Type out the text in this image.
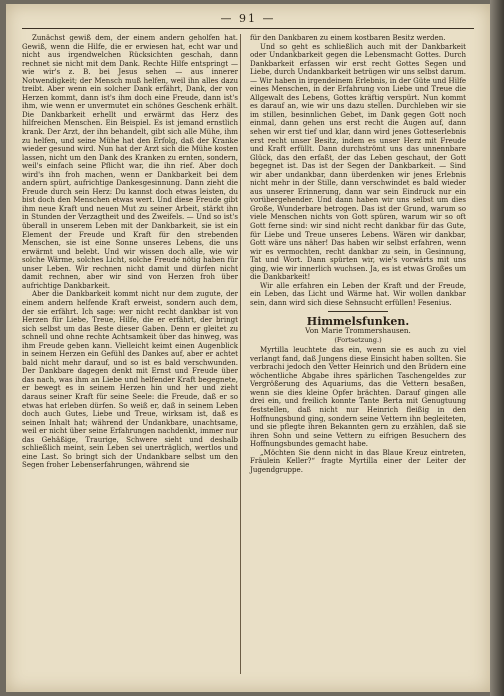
— 91 —

Zunächst gewiß dem, der einem andern geholfen hat. Gewiß, wenn die Hilfe, die er erwiesen hat, echt war und nicht aus irgendwelchen Rücksichten geschah, dann rechnet sie nicht mit dem Dank. Rechte Hilfe entspringt — wie wir's z. B. bei Jesus sehen — aus innerer Notwendigkeit; der Mensch muß helfen, weil ihn alles dazu treibt. Aber wenn ein solcher Dank erfährt, Dank, der von Herzen kommt, dann ist's ihm doch eine Freude, dann ist's ihm, wie wenn er unvermutet ein schönes Geschenk erhält. Die Dankbarkeit erhellt und erwärmt das Herz des hilfreichen Menschen. Ein Beispiel. Es ist jemand ernstlich krank. Der Arzt, der ihn behandelt, gibt sich alle Mühe, ihm zu helfen, und seine Mühe hat den Erfolg, daß der Kranke wieder gesund wird. Nun hat der Arzt sich die Mühe kosten lassen, nicht um den Dank des Kranken zu ernten, sondern, weil's einfach seine Pflicht war, die ihn rief. Aber doch wird's ihn froh machen, wenn er Dankbarkeit bei dem andern spürt, aufrichtige Dankesgesinnung. Dann zieht die Freude durch sein Herz: Du kannst doch etwas leisten, du bist doch den Menschen etwas wert. Und diese Freude gibt ihm neue Kraft und neuen Mut zu seiner Arbeit, stärkt ihn in Stunden der Verzagtheit und des Zweifels. — Und so ist's überall in unserem Leben mit der Dankbarkeit, sie ist ein Element der Freude und Kraft für den strebenden Menschen, sie ist eine Sonne unseres Lebens, die uns erwärmt und belebt. Und wir wissen doch alle, wie wir solche Wärme, solches Licht, solche Freude nötig haben für unser Leben. Wir rechnen nicht damit und dürfen nicht damit rechnen, aber wir sind von Herzen froh über aufrichtige Dankbarkeit.

Aber die Dankbarkeit kommt nicht nur dem zugute, der einem andern helfende Kraft erweist, sondern auch dem, der sie erfährt. Ich sage: wer nicht recht dankbar ist von Herzen für Liebe, Treue, Hilfe, die er erfährt, der bringt sich selbst um das Beste dieser Gaben. Denn er gleitet zu schnell und ohne rechte Achtsamkeit über das hinweg, was ihm Freude geben kann. Vielleicht keimt einen Augenblick in seinem Herzen ein Gefühl des Dankes auf, aber er achtet bald nicht mehr darauf, und so ist es bald verschwunden. Der Dankbare dagegen denkt mit Ernst und Freude über das nach, was ihm an Liebe und helfender Kraft begegnete, er bewegt es in seinem Herzen hin und her und zieht daraus seiner Kraft für seine Seele: die Freude, daß er so etwas hat erleben dürfen. So weiß er, daß in seinem Leben doch auch Gutes, Liebe und Treue, wirksam ist, daß es seinen Inhalt hat; während der Undankbare, unachtsame, weil er nicht über seine Erfahrungen nachdenkt, immer nur das Gehäßige, Traurige, Schwere sieht und deshalb schließlich meint, sein Leben sei unerträglich, wertlos und eine Last. So bringt sich der Undankbare selbst um den Segen froher Lebenserfahrungen, während sie

für den Dankbaren zu einem kostbaren Besitz werden.

Und so geht es schließlich auch mit der Dankbarkeit oder Undankbarkeit gegen die Lebensmacht Gottes. Durch Dankbarkeit erfassen wir erst recht Gottes Segen und Liebe, durch Undankbarkeit betrügen wir uns selbst darum. — Wir haben in irgendeinem Erlebnis, in der Güte und Hilfe eines Menschen, in der Erfahrung von Liebe und Treue die Allgewalt des Lebens, Gottes kräftig verspürt. Nun kommt es darauf an, wie wir uns dazu stellen. Durchleben wir sie im stillen, besinnlichen Gebet, im Dank gegen Gott noch einmal, dann gehen uns erst recht die Augen auf, dann sehen wir erst tief und klar, dann wird jenes Gotteserlebnis erst recht unser Besitz, indem es unser Herz mit Freude und Kraft erfüllt. Dann durchströmt uns das unnennbare Glück, das den erfaßt, der das Leben geschaut, der Gott begegnet ist. Das ist der Segen der Dankbarkeit. — Sind wir aber undankbar, dann überdenken wir jenes Erlebnis nicht mehr in der Stille, dann verschwindet es bald wieder aus unserer Erinnerung, dann war sein Eindruck nur ein vorübergehender. Und dann haben wir uns selbst um dies Große, Wunderbare betrogen. Das ist der Grund, warum so viele Menschen nichts von Gott spüren, warum wir so oft Gott ferne sind: wir sind nicht recht dankbar für das Gute, für Liebe und Treue unseres Lebens. Wären wir dankbar, Gott wäre uns näher! Das haben wir selbst erfahren, wenn wir es vermochten, recht dankbar zu sein, in Gesinnung, Tat und Wort. Dann spürten wir, wie's vorwärts mit uns ging, wie wir innerlich wuchsen. Ja, es ist etwas Großes um die Dankbarkeit!

Wir alle erfahren ein Leben der Kraft und der Freude, ein Leben, das Licht und Wärme hat. Wir wollen dankbar sein, dann wird sich diese Sehnsucht erfüllen! Fesenius.

Himmelsfunken.
Von Marie Trommershausen.
(Fortsetzung.)

Myrtilla leuchtete das ein, wenn sie es auch zu viel verlangt fand, daß Jungens diese Einsicht haben sollten. Sie verbrachi jedoch den Vetter Heinrich und den Brüdern eine wöchentliche Abgabe ihres spärlichen Taschengeldes zur Vergrößerung des Aquariums, das die Vettern besaßen, wenn sie dies kleine Opfer brächten. Darauf gingen alle drei ein, und freilich konnte Tante Berta mit Genugtuung feststellen, daß nicht nur Heinrich fleißig in den Hoffnungsbund ging, sondern seine Vettern ihn begleiteten, und sie pflegte ihren Bekannten gern zu erzählen, daß sie ihren Sohn und seine Vettern zu eifrigen Besuchern des Hoffnungsbundes gemacht habe.

„Möchten Sie denn nicht in das Blaue Kreuz eintreten, Fräulein Keller?“ fragte Myrtilla einer der Leiter der Jugendgruppe.
